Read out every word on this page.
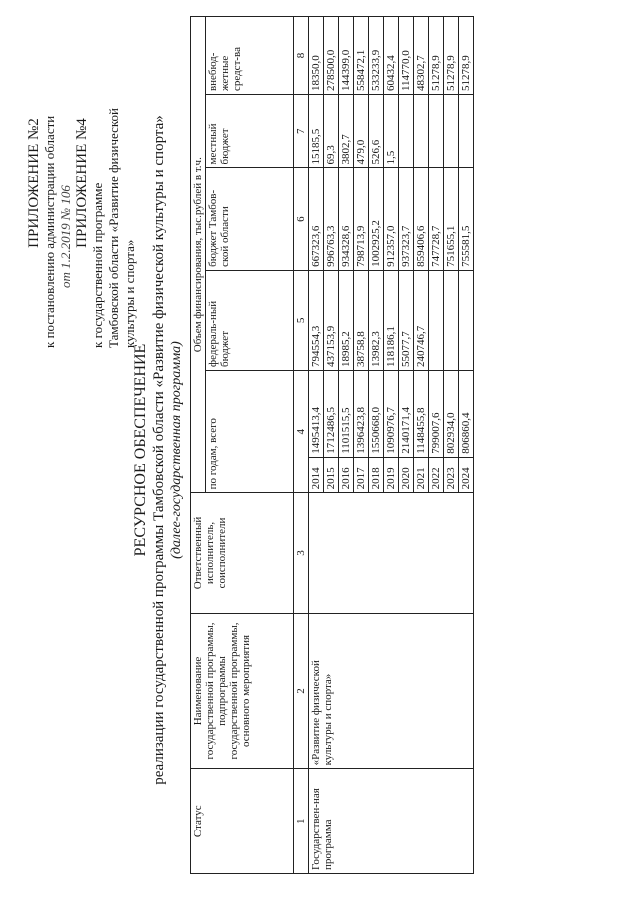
ПРИЛОЖЕНИЕ №2 к постановлению администрации области от 1.2.2019 № 106 ПРИЛОЖЕНИЕ №4 к государственной программе Тамбовской области «Развитие физической культуры и спорта»
РЕСУРСНОЕ ОБЕСПЕЧЕНИЕ реализации государственной программы Тамбовской области «Развитие физической культуры и спорта» (далее-государственная программа)
Статус	Наименование государственной программы, подпрограммы государственной программы, основного мероприятия	Ответственный исполнитель, соисполнители	Объем финансирования, тыс.рублей в т.ч.					
			по годам, всего		федераль-ный бюджет	бюджет Тамбов-ской области	местный бюджет	внебюд-жетные средст-ва
1	2	3	4		5	6	7	8
Государствен-ная программа	«Развитие физической культуры и спорта»		2014	1495413,4	794554,3	667323,6	15185,5	18350,0
			2015	1712486,5	437153,9	996763,3	69,3	278500,0
			2016	1101515,5	18985,2	934328,6	3802,7	144399,0
			2017	1396423,8	38758,8	798713,9	479,0	558472,1
			2018	1550668,0	13982,3	1002925,2	526,6	533233,9
			2019	1090976,7	118186,1	912357,0	1,5	60432,4
			2020	2140171,4	55077,7	937323,7		114770,0
			2021	1148455,8	240746,7	859406,6		48302,7
			2022	799007,6		747728,7		51278,9
			2023	802934,0		751655,1		51278,9
			2024	806860,4		755581,5		51278,9
